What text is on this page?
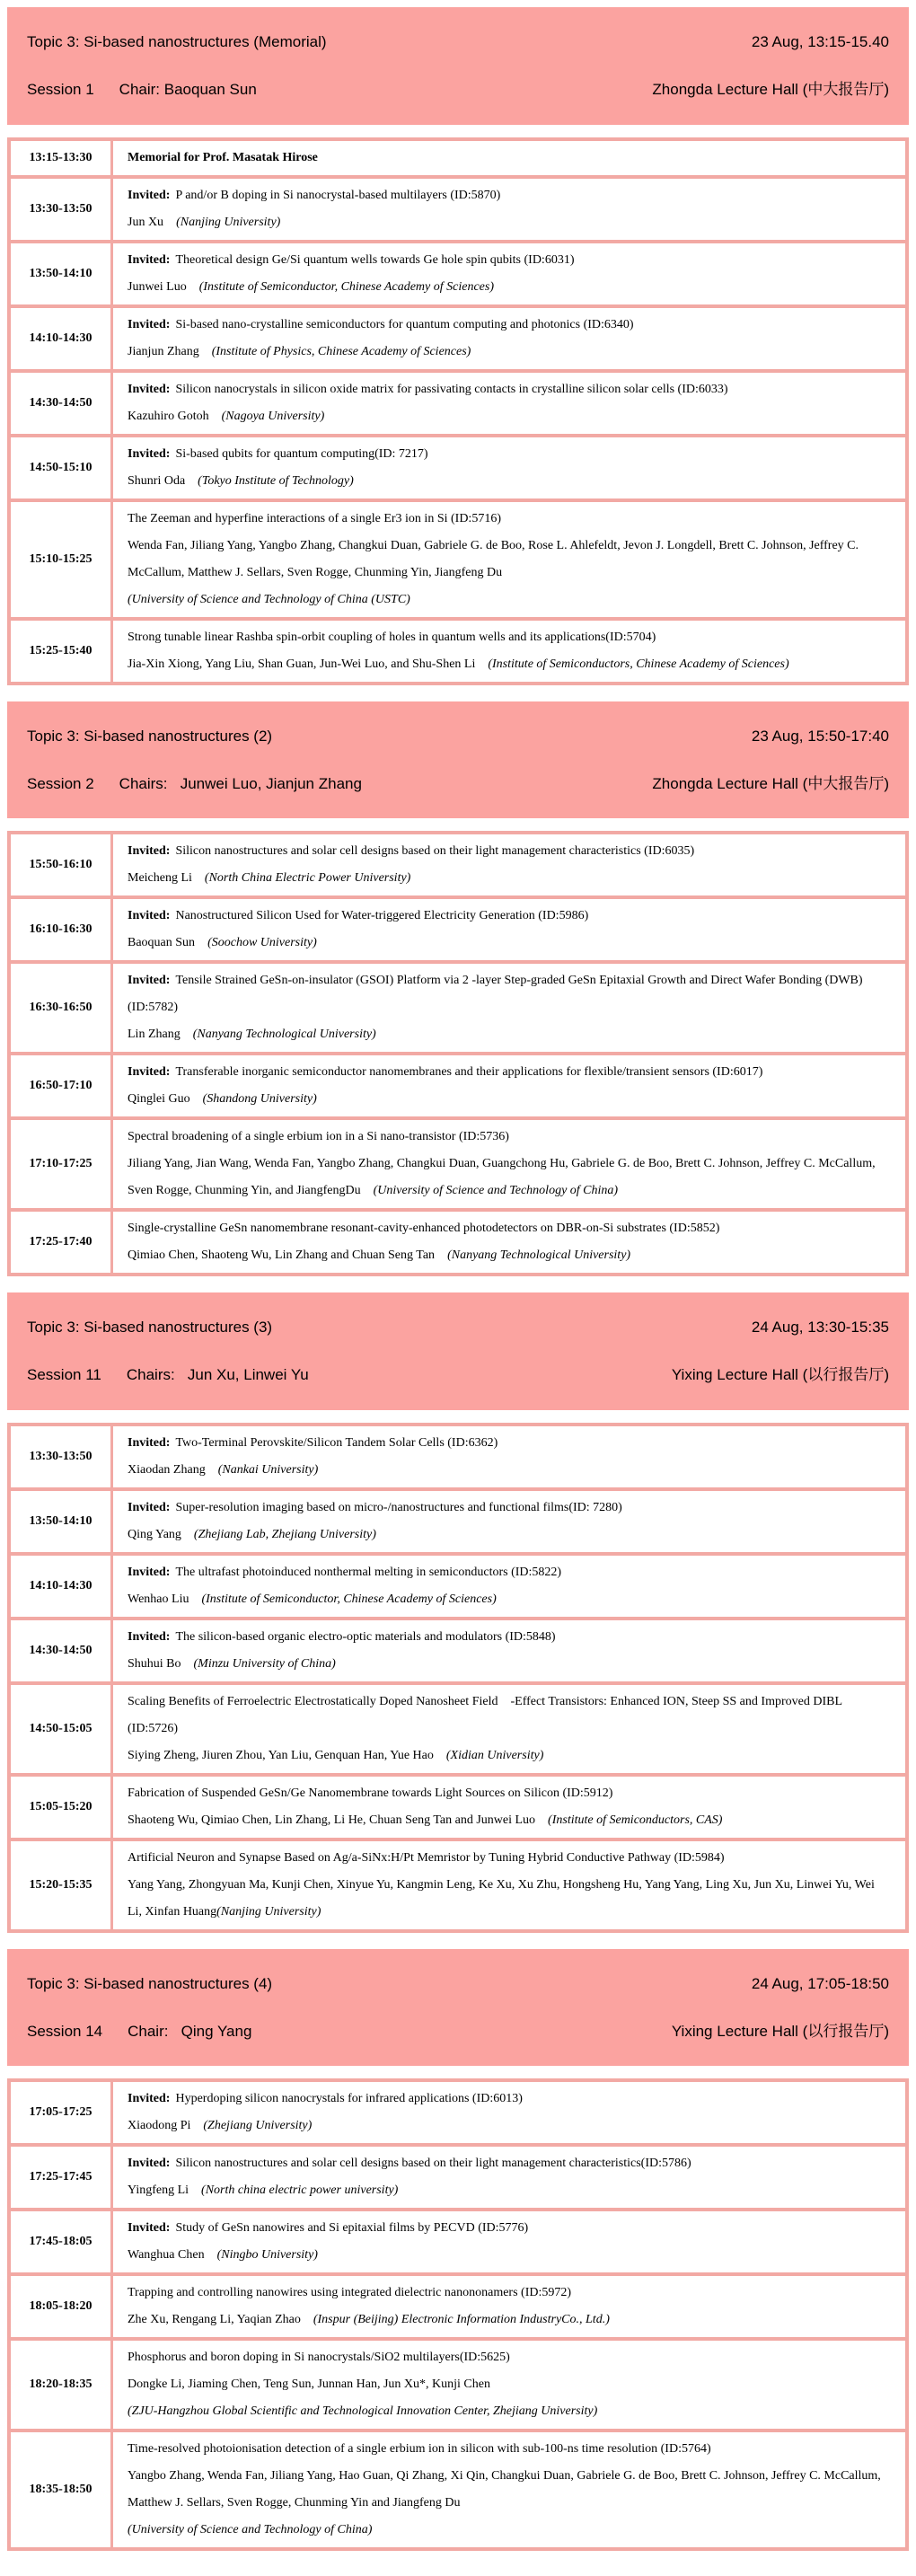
Topic 3: Si-based nanostructures (Memorial)	23 Aug, 13:15-15.40
Session 1 Chair: Baoquan Sun	Zhongda Lecture Hall (中大报告厅)
13:15-13:30	Memorial for Prof. Masatak Hirose
13:30-13:50
Invited: P and/or B doping in Si nanocrystal-based multilayers (ID:5870)
Jun Xu (Nanjing University)
13:50-14:10
Invited: Theoretical design Ge/Si quantum wells towards Ge hole spin qubits (ID:6031)
Junwei Luo (Institute of Semiconductor, Chinese Academy of Sciences)
14:10-14:30
Invited: Si-based nano-crystalline semiconductors for quantum computing and photonics (ID:6340)
Jianjun Zhang (Institute of Physics, Chinese Academy of Sciences)
14:30-14:50
Invited: Silicon nanocrystals in silicon oxide matrix for passivating contacts in crystalline silicon solar cells (ID:6033)
Kazuhiro Gotoh (Nagoya University)
14:50-15:10
Invited: Si-based qubits for quantum computing(ID: 7217)
Shunri Oda (Tokyo Institute of Technology)
15:10-15:25
The Zeeman and hyperfine interactions of a single Er3 ion in Si (ID:5716)
Wenda Fan, Jiliang Yang, Yangbo Zhang, Changkui Duan, Gabriele G. de Boo, Rose L. Ahlefeldt, Jevon J. Longdell, Brett C. Johnson, Jeffrey C. McCallum, Matthew J. Sellars, Sven Rogge, Chunming Yin, Jiangfeng Du
(University of Science and Technology of China (USTC)
15:25-15:40
Strong tunable linear Rashba spin-orbit coupling of holes in quantum wells and its applications(ID:5704)
Jia-Xin Xiong, Yang Liu, Shan Guan, Jun-Wei Luo, and Shu-Shen Li (Institute of Semiconductors, Chinese Academy of Sciences)
Topic 3: Si-based nanostructures (2)	23 Aug, 15:50-17:40
Session 2 Chairs:   Junwei Luo, Jianjun Zhang	Zhongda Lecture Hall (中大报告厅)
15:50-16:10
Invited: Silicon nanostructures and solar cell designs based on their light management characteristics (ID:6035)
Meicheng Li (North China Electric Power University)
16:10-16:30
Invited: Nanostructured Silicon Used for Water-triggered Electricity Generation (ID:5986)
Baoquan Sun (Soochow University)
16:30-16:50
Invited: Tensile Strained GeSn-on-insulator (GSOI) Platform via 2 -layer Step-graded GeSn Epitaxial Growth and Direct Wafer Bonding (DWB) (ID:5782)
Lin Zhang (Nanyang Technological University)
16:50-17:10
Invited: Transferable inorganic semiconductor nanomembranes and their applications for flexible/transient sensors (ID:6017)
Qinglei Guo (Shandong University)
17:10-17:25
Spectral broadening of a single erbium ion in a Si nano-transistor (ID:5736)
Jiliang Yang, Jian Wang, Wenda Fan, Yangbo Zhang, Changkui Duan, Guangchong Hu, Gabriele G. de Boo, Brett C. Johnson, Jeffrey C. McCallum, Sven Rogge, Chunming Yin, and JiangfengDu (University of Science and Technology of China)
17:25-17:40
Single-crystalline GeSn nanomembrane resonant-cavity-enhanced photodetectors on DBR-on-Si substrates (ID:5852)
Qimiao Chen, Shaoteng Wu, Lin Zhang and Chuan Seng Tan (Nanyang Technological University)
Topic 3: Si-based nanostructures (3)	24 Aug, 13:30-15:35
Session 11 Chairs:   Jun Xu, Linwei Yu	Yixing Lecture Hall (以行报告厅)
13:30-13:50
Invited: Two-Terminal Perovskite/Silicon Tandem Solar Cells (ID:6362)
Xiaodan Zhang (Nankai University)
13:50-14:10
Invited: Super-resolution imaging based on micro-/nanostructures and functional films(ID: 7280)
Qing Yang (Zhejiang Lab, Zhejiang University)
14:10-14:30
Invited: The ultrafast photoinduced nonthermal melting in semiconductors (ID:5822)
Wenhao Liu (Institute of Semiconductor, Chinese Academy of Sciences)
14:30-14:50
Invited: The silicon-based organic electro-optic materials and modulators (ID:5848)
Shuhui Bo (Minzu University of China)
14:50-15:05
Scaling Benefits of Ferroelectric Electrostatically Doped Nanosheet Field    -Effect Transistors: Enhanced ION, Steep SS and Improved DIBL (ID:5726)
Siying Zheng, Jiuren Zhou, Yan Liu, Genquan Han, Yue Hao (Xidian University)
15:05-15:20
Fabrication of Suspended GeSn/Ge Nanomembrane towards Light Sources on Silicon (ID:5912)
Shaoteng Wu, Qimiao Chen, Lin Zhang, Li He, Chuan Seng Tan and Junwei Luo (Institute of Semiconductors, CAS)
15:20-15:35
Artificial Neuron and Synapse Based on Ag/a-SiNx:H/Pt Memristor by Tuning Hybrid Conductive Pathway (ID:5984)
Yang Yang, Zhongyuan Ma, Kunji Chen, Xinyue Yu, Kangmin Leng, Ke Xu, Xu Zhu, Hongsheng Hu, Yang Yang, Ling Xu, Jun Xu, Linwei Yu, Wei Li, Xinfan Huang(Nanjing University)
Topic 3: Si-based nanostructures (4)	24 Aug, 17:05-18:50
Session 14 Chair:   Qing Yang	Yixing Lecture Hall (以行报告厅)
17:05-17:25
Invited: Hyperdoping silicon nanocrystals for infrared applications (ID:6013)
Xiaodong Pi (Zhejiang University)
17:25-17:45
Invited: Silicon nanostructures and solar cell designs based on their light management characteristics(ID:5786)
Yingfeng Li (North china electric power university)
17:45-18:05
Invited: Study of GeSn nanowires and Si epitaxial films by PECVD (ID:5776)
Wanghua Chen (Ningbo University)
18:05-18:20
Trapping and controlling nanowires using integrated dielectric nanononamers (ID:5972)
Zhe Xu, Rengang Li, Yaqian Zhao (Inspur (Beijing) Electronic Information IndustryCo., Ltd.)
18:20-18:35
Phosphorus and boron doping in Si nanocrystals/SiO2 multilayers(ID:5625)
Dongke Li, Jiaming Chen, Teng Sun, Junnan Han, Jun Xu*, Kunji Chen
(ZJU-Hangzhou Global Scientific and Technological Innovation Center, Zhejiang University)
18:35-18:50
Time-resolved photoionisation detection of a single erbium ion in silicon with sub-100-ns time resolution (ID:5764)
Yangbo Zhang, Wenda Fan, Jiliang Yang, Hao Guan, Qi Zhang, Xi Qin, Changkui Duan, Gabriele G. de Boo, Brett C. Johnson, Jeffrey C. McCallum, Matthew J. Sellars, Sven Rogge, Chunming Yin and Jiangfeng Du
(University of Science and Technology of China)
